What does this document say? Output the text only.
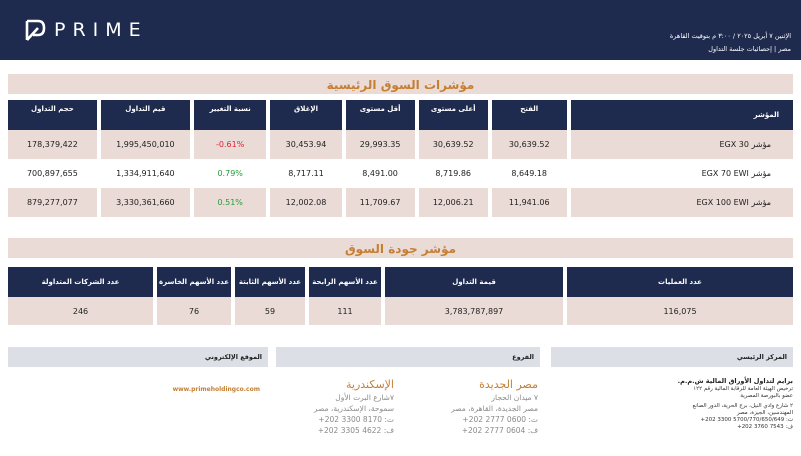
PRIME	الإثنين ٧ أبريل ٢٠٢٥ / ٣:٠٠ م بتوقيت القاهرة
مصر | إحصائيات جلسة التداول
مؤشرات السوق الرئيسية
المؤشر	الفتح	أعلى مستوى	أقل مستوى	الإغلاق	نسبة التغيير	قيم التداول	حجم التداول
مؤشر EGX 30	30,639.52	30,639.52	29,993.35	30,453.94	-0.61%	1,995,450,010	178,379,422
مؤشر EGX 70 EWI	8,649.18	8,719.86	8,491.00	8,717.11	0.79%	1,334,911,640	700,897,655
مؤشر EGX 100 EWI	11,941.06	12,006.21	11,709.67	12,002.08	0.51%	3,330,361,660	879,277,077
مؤشر جودة السوق
عدد العمليات	قيمة التداول	عدد الأسهم الرابحة	عدد الأسهم الثابتة	عدد الأسهم الخاسرة	عدد الشركات المتداولة
116,075	3,783,787,897	111	59	76	246
الموقع الإلكتروني	الفروع	المركز الرئيسي
www.primeholdingco.com	الإسكندرية
٧شارع البرت الأول
سموحة، الإسكندرية، مصر
ت: 8170 3300 202+
ف: 4622 3305 202+
مصر الجديدة
٧ ميدان الحجاز
مصر الجديدة، القاهرة، مصر
ت: 0600 2777 202+
ف: 0604 2777 202+
برايم لتداول الأوراق المالية ش.م.م.
ترخيص الهيئة العامة للرقابة المالية رقم ١٢٢
عضو بالبورصة المصرية
٢ شارع وادي النيل، برج الحرية، الدور الصانع
المهندسين، الجيزة، مصر
ت: 5700/770/650/649 3300 202+
ف: 7543 3760 202+
